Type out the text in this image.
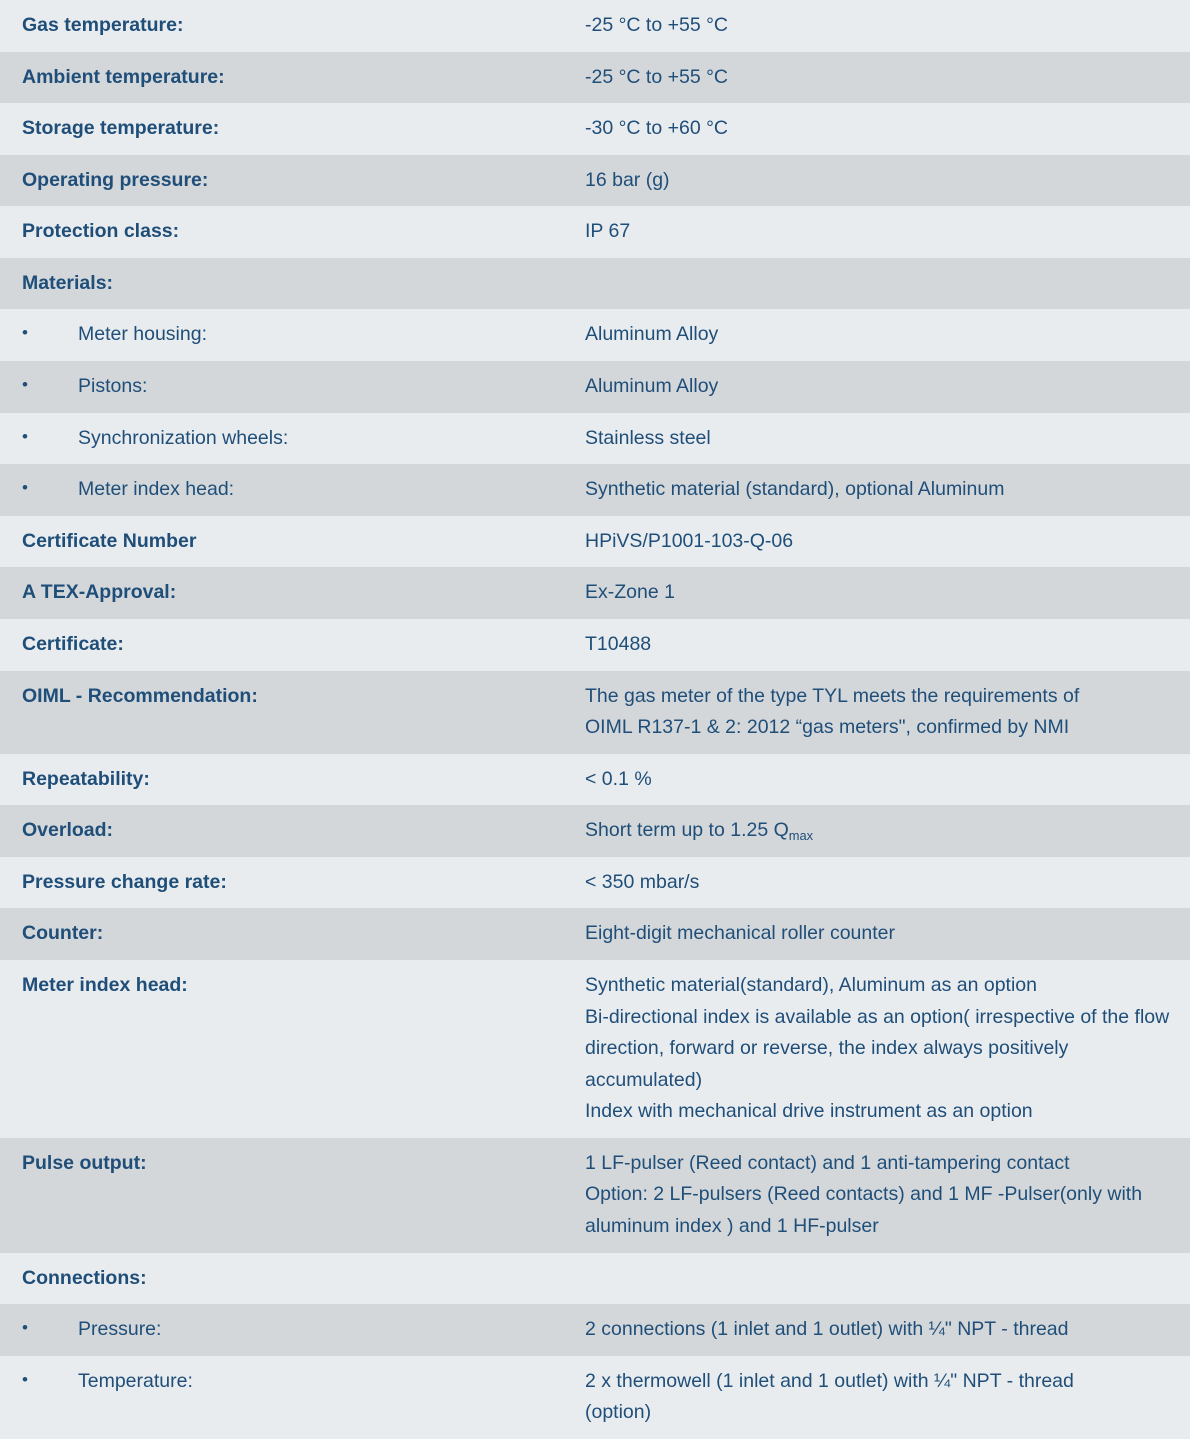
Gas temperature:	-25 °C to +55 °C
Ambient temperature:	-25 °C to +55 °C
Storage temperature:	-30 °C to +60 °C
Operating pressure:	16 bar (g)
Protection class:	IP 67
Materials:	

• Meter housing:	Aluminum Alloy

• Pistons:	Aluminum Alloy

• Synchronization wheels:	Stainless steel

• Meter index head:	Synthetic material (standard), optional Aluminum
Certificate Number	HPiVS/P1001-103-Q-06
A TEX-Approval:	Ex-Zone 1
Certificate:	T10488
OIML - Recommendation:	The gas meter of the type TYL meets the requirements of
OIML R137-1 & 2: 2012 “gas meters", confirmed by NMI

Repeatability:	< 0.1 %
Overload:	Short term up to 1.25 $Q_{max}$
Pressure change rate:	< 350 mbar/s
Counter:	Eight-digit mechanical roller counter
Meter index head:	Synthetic material(standard), Aluminum as an option
Bi-directional index is available as an option( irrespective of the flow direction, forward or reverse, the index always positively accumulated)
Index with mechanical drive instrument as an option

Pulse output:	1 LF-pulser (Reed contact) and 1 anti-tampering contact
Option: 2 LF-pulsers (Reed contacts) and 1 MF -Pulser(only with aluminum index ) and 1 HF-pulser
Connections:	

• Pressure:	2 connections (1 inlet and 1 outlet) with ¼" NPT - thread

• Temperature:	2 x thermowell (1 inlet and 1 outlet) with ¼" NPT - thread
(option)
